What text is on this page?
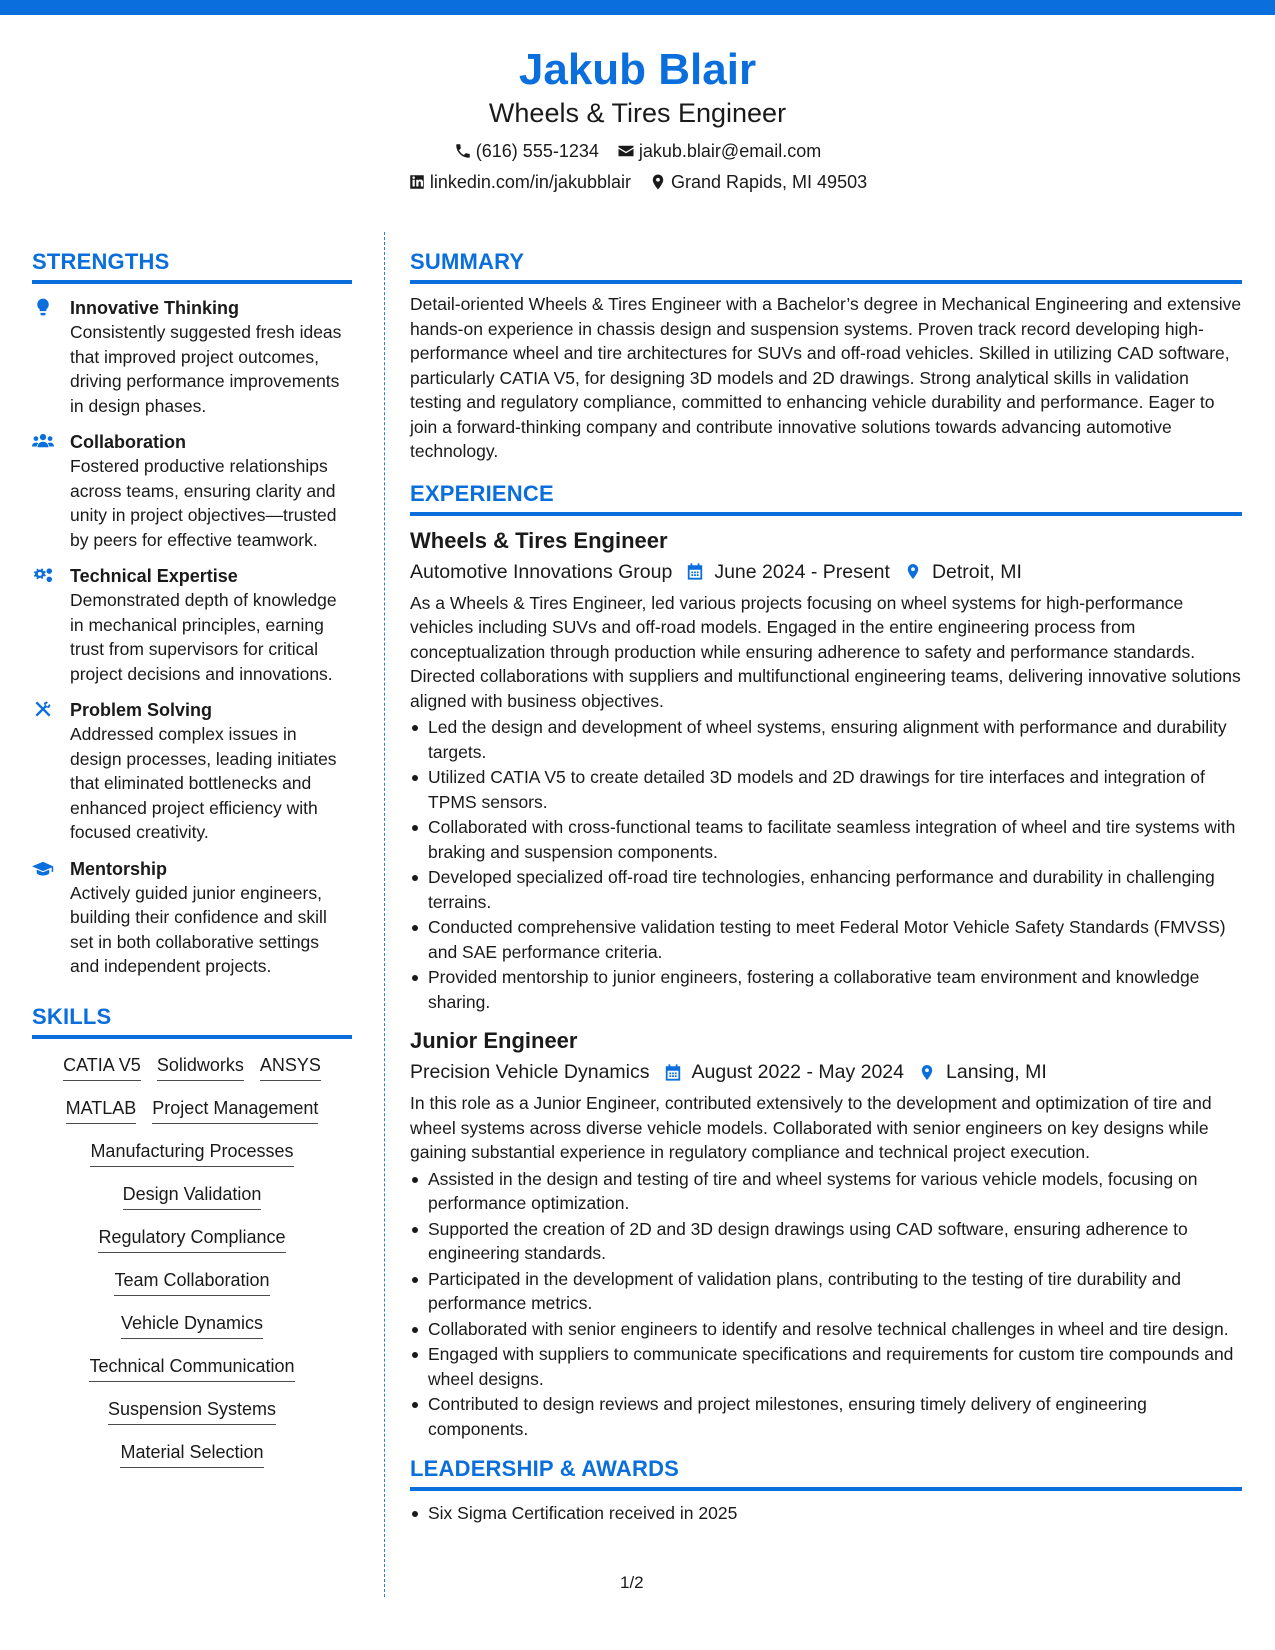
Jakub Blair
Wheels & Tires Engineer
(616) 555-1234 jakub.blair@email.com
linkedin.com/in/jakubblair Grand Rapids, MI 49503
STRENGTHS
Innovative Thinking
Consistently suggested fresh ideas that improved project outcomes, driving performance improvements in design phases.
Collaboration
Fostered productive relationships across teams, ensuring clarity and unity in project objectives—trusted by peers for effective teamwork.
Technical Expertise
Demonstrated depth of knowledge in mechanical principles, earning trust from supervisors for critical project decisions and innovations.
Problem Solving
Addressed complex issues in design processes, leading initiates that eliminated bottlenecks and enhanced project efficiency with focused creativity.
Mentorship
Actively guided junior engineers, building their confidence and skill set in both collaborative settings and independent projects.
SKILLS
CATIA V5 Solidworks ANSYS
MATLAB Project Management
Manufacturing Processes
Design Validation
Regulatory Compliance
Team Collaboration
Vehicle Dynamics
Technical Communication
Suspension Systems
Material Selection
SUMMARY
Detail-oriented Wheels & Tires Engineer with a Bachelor’s degree in Mechanical Engineering and extensive hands-on experience in chassis design and suspension systems. Proven track record developing high-performance wheel and tire architectures for SUVs and off-road vehicles. Skilled in utilizing CAD software, particularly CATIA V5, for designing 3D models and 2D drawings. Strong analytical skills in validation testing and regulatory compliance, committed to enhancing vehicle durability and performance. Eager to join a forward-thinking company and contribute innovative solutions towards advancing automotive technology.
EXPERIENCE
Wheels & Tires Engineer
Automotive Innovations Group June 2024 - Present Detroit, MI
As a Wheels & Tires Engineer, led various projects focusing on wheel systems for high-performance vehicles including SUVs and off-road models. Engaged in the entire engineering process from conceptualization through production while ensuring adherence to safety and performance standards. Directed collaborations with suppliers and multifunctional engineering teams, delivering innovative solutions aligned with business objectives.
Led the design and development of wheel systems, ensuring alignment with performance and durability targets.
Utilized CATIA V5 to create detailed 3D models and 2D drawings for tire interfaces and integration of TPMS sensors.
Collaborated with cross-functional teams to facilitate seamless integration of wheel and tire systems with braking and suspension components.
Developed specialized off-road tire technologies, enhancing performance and durability in challenging terrains.
Conducted comprehensive validation testing to meet Federal Motor Vehicle Safety Standards (FMVSS) and SAE performance criteria.
Provided mentorship to junior engineers, fostering a collaborative team environment and knowledge sharing.
Junior Engineer
Precision Vehicle Dynamics August 2022 - May 2024 Lansing, MI
In this role as a Junior Engineer, contributed extensively to the development and optimization of tire and wheel systems across diverse vehicle models. Collaborated with senior engineers on key designs while gaining substantial experience in regulatory compliance and technical project execution.
Assisted in the design and testing of tire and wheel systems for various vehicle models, focusing on performance optimization.
Supported the creation of 2D and 3D design drawings using CAD software, ensuring adherence to engineering standards.
Participated in the development of validation plans, contributing to the testing of tire durability and performance metrics.
Collaborated with senior engineers to identify and resolve technical challenges in wheel and tire design.
Engaged with suppliers to communicate specifications and requirements for custom tire compounds and wheel designs.
Contributed to design reviews and project milestones, ensuring timely delivery of engineering components.
LEADERSHIP & AWARDS
Six Sigma Certification received in 2025
1/2
